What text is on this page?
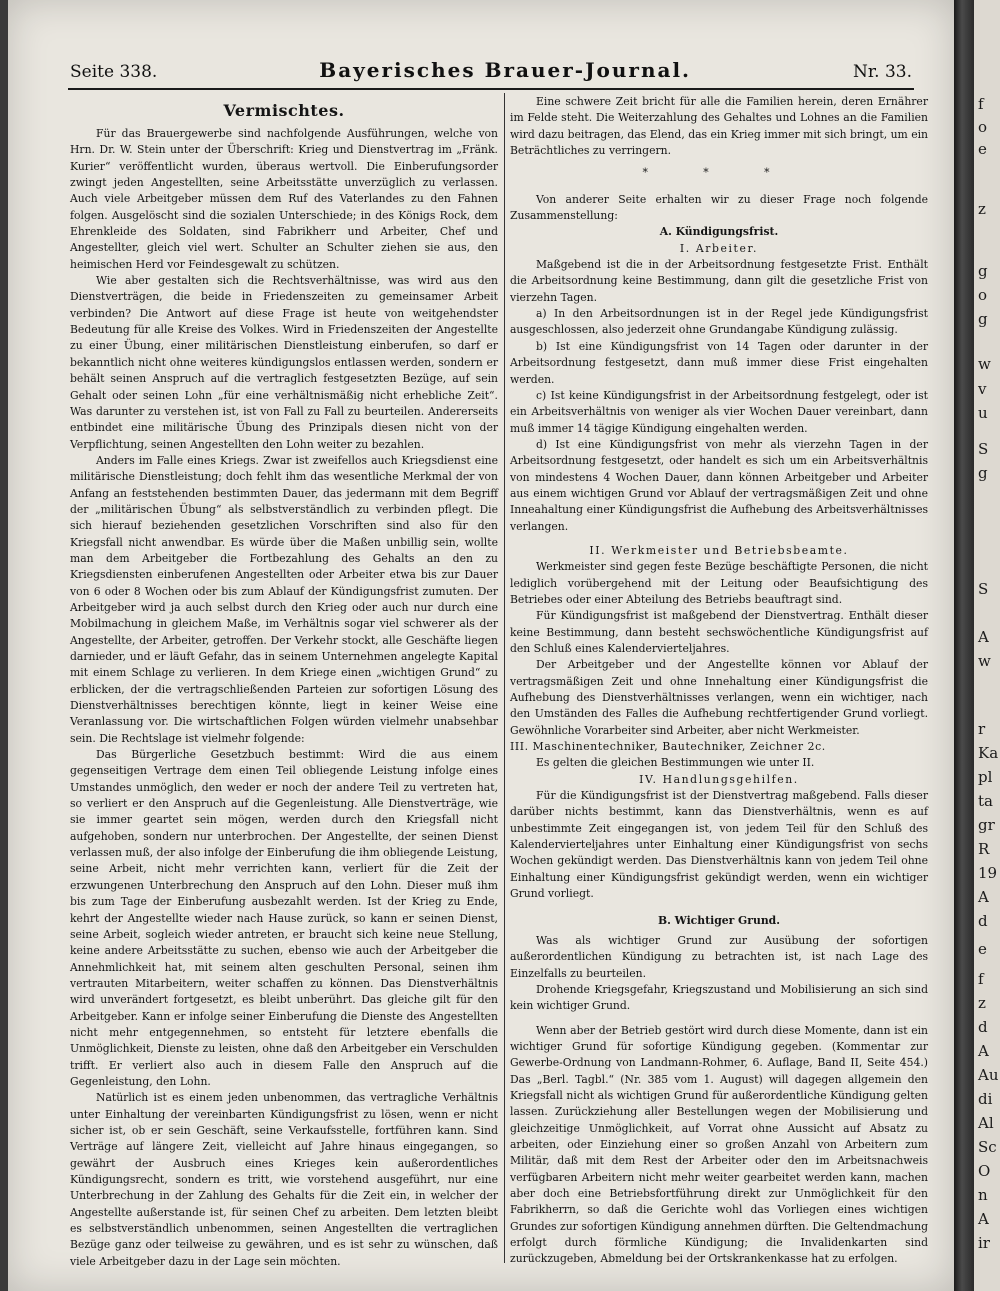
Seite 338.	Bayerisches Brauer-Journal.	Nr. 33.

Vermischtes.

Für das Brauergewerbe sind nachfolgende Ausführungen, welche von Hrn. Dr. W. Stein unter der Überschrift: Krieg und Dienstvertrag im „Fränk. Kurier“ veröffentlicht wurden, überaus wertvoll. Die Einberufungsorder zwingt jeden Angestellten, seine Arbeitsstätte unverzüglich zu verlassen. Auch viele Arbeitgeber müssen dem Ruf des Vaterlandes zu den Fahnen folgen. Ausgelöscht sind die sozialen Unterschiede; in des Königs Rock, dem Ehrenkleide des Soldaten, sind Fabrikherr und Arbeiter, Chef und Angestellter, gleich viel wert. Schulter an Schulter ziehen sie aus, den heimischen Herd vor Feindesgewalt zu schützen.

Wie aber gestalten sich die Rechtsverhältnisse, was wird aus den Dienstverträgen, die beide in Friedenszeiten zu gemeinsamer Arbeit verbinden? Die Antwort auf diese Frage ist heute von weitgehendster Bedeutung für alle Kreise des Volkes. Wird in Friedenszeiten der Angestellte zu einer Übung, einer militärischen Dienstleistung einberufen, so darf er bekanntlich nicht ohne weiteres kündigungslos entlassen werden, sondern er behält seinen Anspruch auf die vertraglich festgesetzten Bezüge, auf sein Gehalt oder seinen Lohn „für eine verhältnismäßig nicht erhebliche Zeit“. Was darunter zu verstehen ist, ist von Fall zu Fall zu beurteilen. Andererseits entbindet eine militärische Übung des Prinzipals diesen nicht von der Verpflichtung, seinen Angestellten den Lohn weiter zu bezahlen.

Anders im Falle eines Kriegs. Zwar ist zweifellos auch Kriegsdienst eine militärische Dienstleistung; doch fehlt ihm das wesentliche Merkmal der von Anfang an feststehenden bestimmten Dauer, das jedermann mit dem Begriff der „militärischen Übung“ als selbstverständlich zu verbinden pflegt. Die sich hierauf beziehenden gesetzlichen Vorschriften sind also für den Kriegsfall nicht anwendbar. Es würde über die Maßen unbillig sein, wollte man dem Arbeitgeber die Fortbezahlung des Gehalts an den zu Kriegsdiensten einberufenen Angestellten oder Arbeiter etwa bis zur Dauer von 6 oder 8 Wochen oder bis zum Ablauf der Kündigungsfrist zumuten. Der Arbeitgeber wird ja auch selbst durch den Krieg oder auch nur durch eine Mobilmachung in gleichem Maße, im Verhältnis sogar viel schwerer als der Angestellte, der Arbeiter, getroffen. Der Verkehr stockt, alle Geschäfte liegen darnieder, und er läuft Gefahr, das in seinem Unternehmen angelegte Kapital mit einem Schlage zu verlieren. In dem Kriege einen „wichtigen Grund“ zu erblicken, der die vertragschließenden Parteien zur sofortigen Lösung des Dienstverhältnisses berechtigen könnte, liegt in keiner Weise eine Veranlassung vor. Die wirtschaftlichen Folgen würden vielmehr unabsehbar sein. Die Rechtslage ist vielmehr folgende:

Das Bürgerliche Gesetzbuch bestimmt: Wird die aus einem gegenseitigen Vertrage dem einen Teil obliegende Leistung infolge eines Umstandes unmöglich, den weder er noch der andere Teil zu vertreten hat, so verliert er den Anspruch auf die Gegenleistung. Alle Dienstverträge, wie sie immer geartet sein mögen, werden durch den Kriegsfall nicht aufgehoben, sondern nur unterbrochen. Der Angestellte, der seinen Dienst verlassen muß, der also infolge der Einberufung die ihm obliegende Leistung, seine Arbeit, nicht mehr verrichten kann, verliert für die Zeit der erzwungenen Unterbrechung den Anspruch auf den Lohn. Dieser muß ihm bis zum Tage der Einberufung ausbezahlt werden. Ist der Krieg zu Ende, kehrt der Angestellte wieder nach Hause zurück, so kann er seinen Dienst, seine Arbeit, sogleich wieder antreten, er braucht sich keine neue Stellung, keine andere Arbeitsstätte zu suchen, ebenso wie auch der Arbeitgeber die Annehmlichkeit hat, mit seinem alten geschulten Personal, seinen ihm vertrauten Mitarbeitern, weiter schaffen zu können. Das Dienstverhältnis wird unverändert fortgesetzt, es bleibt unberührt. Das gleiche gilt für den Arbeitgeber. Kann er infolge seiner Einberufung die Dienste des Angestellten nicht mehr entgegennehmen, so entsteht für letztere ebenfalls die Unmöglichkeit, Dienste zu leisten, ohne daß den Arbeitgeber ein Verschulden trifft. Er verliert also auch in diesem Falle den Anspruch auf die Gegenleistung, den Lohn.

Natürlich ist es einem jeden unbenommen, das vertragliche Verhältnis unter Einhaltung der vereinbarten Kündigungsfrist zu lösen, wenn er nicht sicher ist, ob er sein Geschäft, seine Verkaufsstelle, fortführen kann. Sind Verträge auf längere Zeit, vielleicht auf Jahre hinaus eingegangen, so gewährt der Ausbruch eines Krieges kein außerordentliches Kündigungsrecht, sondern es tritt, wie vorstehend ausgeführt, nur eine Unterbrechung in der Zahlung des Gehalts für die Zeit ein, in welcher der Angestellte außerstande ist, für seinen Chef zu arbeiten. Dem letzten bleibt es selbstverständlich unbenommen, seinen Angestellten die vertraglichen Bezüge ganz oder teilweise zu gewähren, und es ist sehr zu wünschen, daß viele Arbeitgeber dazu in der Lage sein möchten.

Eine schwere Zeit bricht für alle die Familien herein, deren Ernährer im Felde steht. Die Weiterzahlung des Gehaltes und Lohnes an die Familien wird dazu beitragen, das Elend, das ein Krieg immer mit sich bringt, um ein Beträchtliches zu verringern.

* * *

Von anderer Seite erhalten wir zu dieser Frage noch folgende Zusammenstellung:

A. Kündigungsfrist.

I. Arbeiter.

Maßgebend ist die in der Arbeitsordnung festgesetzte Frist. Enthält die Arbeitsordnung keine Bestimmung, dann gilt die gesetzliche Frist von vierzehn Tagen.

a) In den Arbeitsordnungen ist in der Regel jede Kündigungsfrist ausgeschlossen, also jederzeit ohne Grundangabe Kündigung zulässig.

b) Ist eine Kündigungsfrist von 14 Tagen oder darunter in der Arbeitsordnung festgesetzt, dann muß immer diese Frist eingehalten werden.

c) Ist keine Kündigungsfrist in der Arbeitsordnung festgelegt, oder ist ein Arbeitsverhältnis von weniger als vier Wochen Dauer vereinbart, dann muß immer 14 tägige Kündigung eingehalten werden.

d) Ist eine Kündigungsfrist von mehr als vierzehn Tagen in der Arbeitsordnung festgesetzt, oder handelt es sich um ein Arbeitsverhältnis von mindestens 4 Wochen Dauer, dann können Arbeitgeber und Arbeiter aus einem wichtigen Grund vor Ablauf der vertragsmäßigen Zeit und ohne Inneahaltung einer Kündigungsfrist die Aufhebung des Arbeitsverhältnisses verlangen.

II. Werkmeister und Betriebsbeamte.

Werkmeister sind gegen feste Bezüge beschäftigte Personen, die nicht lediglich vorübergehend mit der Leitung oder Beaufsichtigung des Betriebes oder einer Abteilung des Betriebs beauftragt sind.

Für Kündigungsfrist ist maßgebend der Dienstvertrag. Enthält dieser keine Bestimmung, dann besteht sechswöchentliche Kündigungsfrist auf den Schluß eines Kalendervierteljahres.

Der Arbeitgeber und der Angestellte können vor Ablauf der vertragsmäßigen Zeit und ohne Innehaltung einer Kündigungsfrist die Aufhebung des Dienstverhältnisses verlangen, wenn ein wichtiger, nach den Umständen des Falles die Aufhebung rechtfertigender Grund vorliegt. Gewöhnliche Vorarbeiter sind Arbeiter, aber nicht Werkmeister.

III. Maschinentechniker, Bautechniker, Zeichner 2c.

Es gelten die gleichen Bestimmungen wie unter II.

IV. Handlungsgehilfen.

Für die Kündigungsfrist ist der Dienstvertrag maßgebend. Falls dieser darüber nichts bestimmt, kann das Dienstverhältnis, wenn es auf unbestimmte Zeit eingegangen ist, von jedem Teil für den Schluß des Kalendervierteljahres unter Einhaltung einer Kündigungsfrist von sechs Wochen gekündigt werden. Das Dienstverhältnis kann von jedem Teil ohne Einhaltung einer Kündigungsfrist gekündigt werden, wenn ein wichtiger Grund vorliegt.

B. Wichtiger Grund.

Was als wichtiger Grund zur Ausübung der sofortigen außerordentlichen Kündigung zu betrachten ist, ist nach Lage des Einzelfalls zu beurteilen.

Drohende Kriegsgefahr, Kriegszustand und Mobilisierung an sich sind kein wichtiger Grund.

Wenn aber der Betrieb gestört wird durch diese Momente, dann ist ein wichtiger Grund für sofortige Kündigung gegeben. (Kommentar zur Gewerbe-Ordnung von Landmann-Rohmer, 6. Auflage, Band II, Seite 454.) Das „Berl. Tagbl.“ (Nr. 385 vom 1. August) will dagegen allgemein den Kriegsfall nicht als wichtigen Grund für außerordentliche Kündigung gelten lassen. Zurückziehung aller Bestellungen wegen der Mobilisierung und gleichzeitige Unmöglichkeit, auf Vorrat ohne Aussicht auf Absatz zu arbeiten, oder Einziehung einer so großen Anzahl von Arbeitern zum Militär, daß mit dem Rest der Arbeiter oder den im Arbeitsnachweis verfügbaren Arbeitern nicht mehr weiter gearbeitet werden kann, machen aber doch eine Betriebsfortführung direkt zur Unmöglichkeit für den Fabrikherrn, so daß die Gerichte wohl das Vorliegen eines wichtigen Grundes zur sofortigen Kündigung annehmen dürften. Die Geltendmachung erfolgt durch förmliche Kündigung; die Invalidenkarten sind zurückzugeben, Abmeldung bei der Ortskrankenkasse hat zu erfolgen.

f
o
e
z
g
o
g
w
v
u
S
g
S
A
w
r
Ka
pl
ta
gr
R
19
A
d
e
f
z
d
A
Au
di
Al
Sc
O
n
A
ir
